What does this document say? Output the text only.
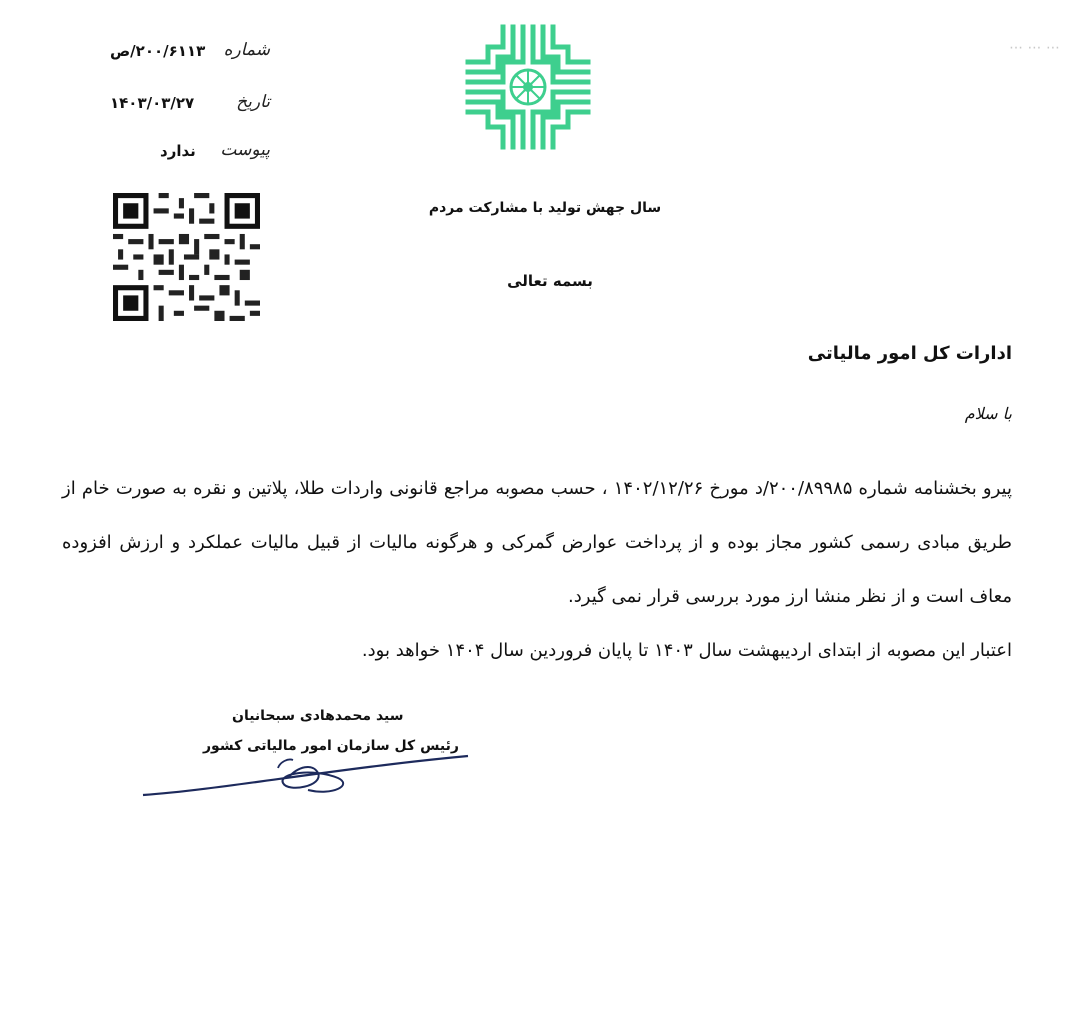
شماره
۲۰۰/۶۱۱۳/ص
تاریخ
۱۴۰۳/۰۳/۲۷
پیوست
ندارد
⋯ ⋯ ⋯
سال جهش تولید با مشارکت مردم
بسمه تعالی
ادارات کل امور مالیاتی
با سلام

پیرو بخشنامه شماره ۲۰۰/۸۹۹۸۵/د مورخ ۱۴۰۲/۱۲/۲۶ ، حسب مصوبه مراجع قانونی واردات طلا، پلاتین و نقره به صورت خام از طریق مبادی رسمی کشور مجاز بوده و از پرداخت عوارض گمرکی و هرگونه مالیات از قبیل مالیات عملکرد و ارزش افزوده معاف است و از نظر منشا ارز مورد بررسی قرار نمی گیرد.

اعتبار این مصوبه از ابتدای اردیبهشت سال ۱۴۰۳ تا پایان فروردین سال ۱۴۰۴ خواهد بود.

سید محمدهادی سبحانیان
رئیس کل سازمان امور مالیاتی کشور
